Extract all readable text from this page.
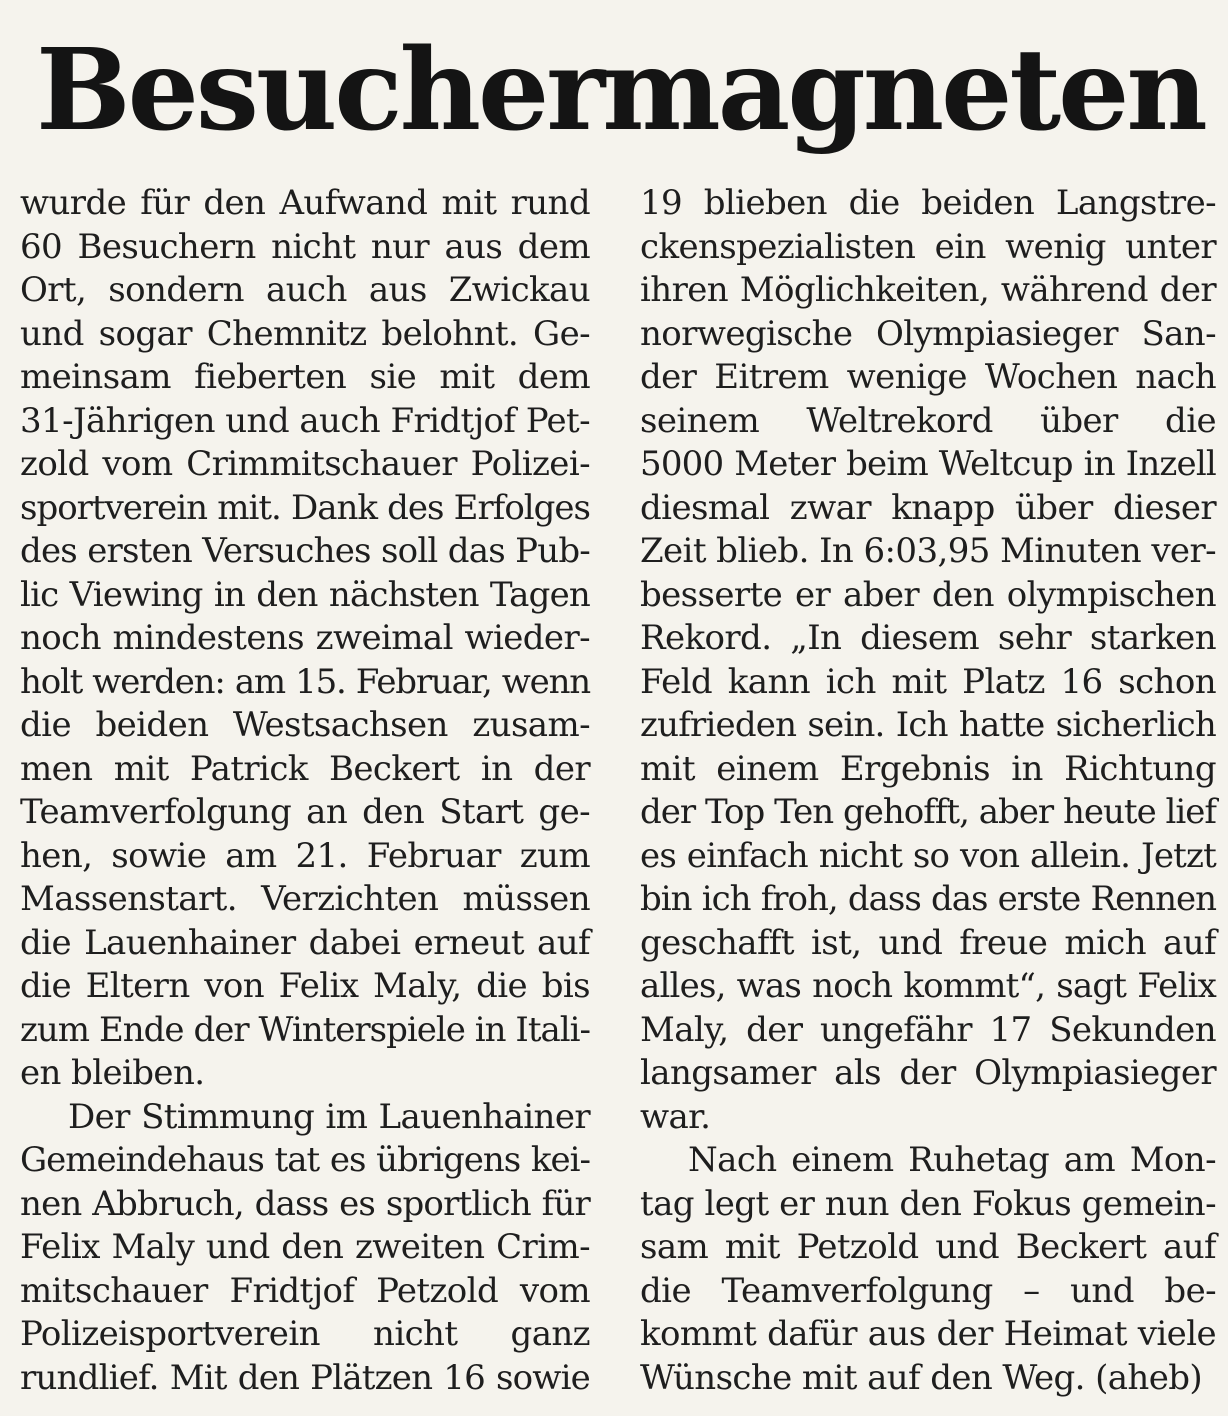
Besuchermagneten
wurde für den Aufwand mit rund
60 Besuchern nicht nur aus dem
Ort, sondern auch aus Zwickau
und sogar Chemnitz belohnt. Ge-
meinsam fieberten sie mit dem
31-Jährigen und auch Fridtjof Pet-
zold vom Crimmitschauer Polizei-
sportverein mit. Dank des Erfolges
des ersten Versuches soll das Pub-
lic Viewing in den nächsten Tagen
noch mindestens zweimal wieder-
holt werden: am 15. Februar, wenn
die beiden Westsachsen zusam-
men mit Patrick Beckert in der
Teamverfolgung an den Start ge-
hen, sowie am 21. Februar zum
Massenstart. Verzichten müssen
die Lauenhainer dabei erneut auf
die Eltern von Felix Maly, die bis
zum Ende der Winterspiele in Itali-
en bleiben.
Der Stimmung im Lauenhainer
Gemeindehaus tat es übrigens kei-
nen Abbruch, dass es sportlich für
Felix Maly und den zweiten Crim-
mitschauer Fridtjof Petzold vom
Polizeisportverein nicht ganz
rundlief. Mit den Plätzen 16 sowie
19 blieben die beiden Langstre-
ckenspezialisten ein wenig unter
ihren Möglichkeiten, während der
norwegische Olympiasieger San-
der Eitrem wenige Wochen nach
seinem Weltrekord über die
5000 Meter beim Weltcup in Inzell
diesmal zwar knapp über dieser
Zeit blieb. In 6:03,95 Minuten ver-
besserte er aber den olympischen
Rekord. „In diesem sehr starken
Feld kann ich mit Platz 16 schon
zufrieden sein. Ich hatte sicherlich
mit einem Ergebnis in Richtung
der Top Ten gehofft, aber heute lief
es einfach nicht so von allein. Jetzt
bin ich froh, dass das erste Rennen
geschafft ist, und freue mich auf
alles, was noch kommt“, sagt Felix
Maly, der ungefähr 17 Sekunden
langsamer als der Olympiasieger
war.
Nach einem Ruhetag am Mon-
tag legt er nun den Fokus gemein-
sam mit Petzold und Beckert auf
die Teamverfolgung – und be-
kommt dafür aus der Heimat viele
Wünsche mit auf den Weg. (aheb)
